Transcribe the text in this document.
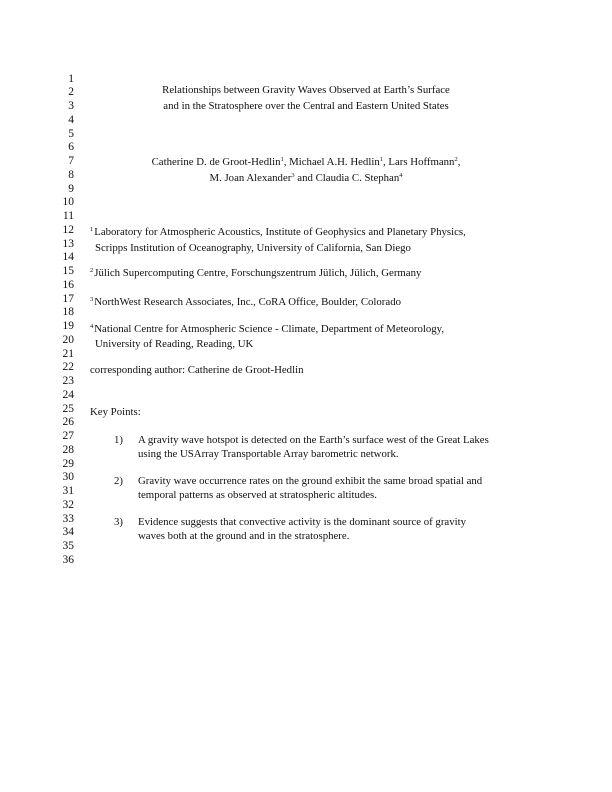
1
2
3
4
5
6
7
8
9
10
11
12
13
14
15
16
17
18
19
20
21
22
23
24
25
26
27
28
29
30
31
32
33
34
35
36
Relationships between Gravity Waves Observed at Earth’s Surface
and in the Stratosphere over the Central and Eastern United States
Catherine D. de Groot-Hedlin$^1$, Michael A.H. Hedlin$^1$, Lars Hoffmann$^2$,
M. Joan Alexander$^3$ and Claudia C. Stephan$^4$
$^1$Laboratory for Atmospheric Acoustics, Institute of Geophysics and Planetary Physics,
Scripps Institution of Oceanography, University of California, San Diego
$^2$Jülich Supercomputing Centre, Forschungszentrum Jülich, Jülich, Germany
$^3$NorthWest Research Associates, Inc., CoRA Office, Boulder, Colorado
$^4$National Centre for Atmospheric Science - Climate, Department of Meteorology,
University of Reading, Reading, UK
corresponding author: Catherine de Groot-Hedlin
Key Points:
1) A gravity wave hotspot is detected on the Earth’s surface west of the Great Lakes
using the USArray Transportable Array barometric network.
2) Gravity wave occurrence rates on the ground exhibit the same broad spatial and
temporal patterns as observed at stratospheric altitudes.
3) Evidence suggests that convective activity is the dominant source of gravity
waves both at the ground and in the stratosphere.
